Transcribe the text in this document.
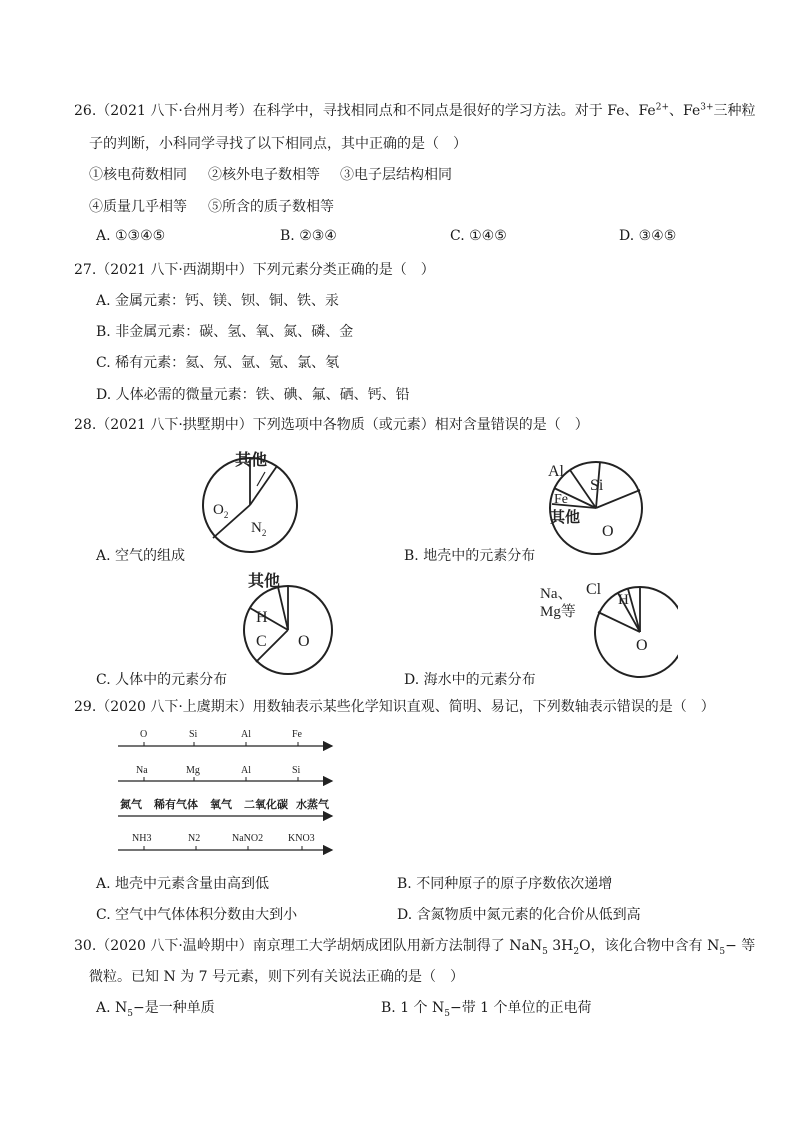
26.（2021 八下·台州月考）在科学中，寻找相同点和不同点是很好的学习方法。对于 Fe、$Fe^{2+}$、$Fe^{3+}$三种粒
子的判断，小科同学寻找了以下相同点，其中正确的是（　）
①核电荷数相同 ②核外电子数相等 ③电子层结构相同
④质量几乎相等 ⑤所含的质子数相等
A. ①③④⑤	B. ②③④	C. ①④⑤	D. ③④⑤
27.（2021 八下·西湖期中）下列元素分类正确的是（　）
A. 金属元素：钙、镁、钡、铜、铁、汞
B. 非金属元素：碳、氢、氧、氮、磷、金
C. 稀有元素：氦、氖、氩、氪、氯、氡
D. 人体必需的微量元素：铁、碘、氟、硒、钙、铅
28.（2021 八下·拱墅期中）下列选项中各物质（或元素）相对含量错误的是（　）
其他
$O_2$
$N_2$
A. 空气的组成
Al
Si
Fe
其他
O
B. 地壳中的元素分布
其他
H
C O
C. 人体中的元素分布
Na、
Mg等
Cl
H
O
D. 海水中的元素分布
29.（2020 八下·上虞期末）用数轴表示某些化学知识直观、简明、易记，下列数轴表示错误的是（　）
O	Si	Al	Fe
Na	Mg	Al	Si
氮气 稀有气体 氧气 二氧化碳 水蒸气
NH3	N2	NaNO2 KNO3
A. 地壳中元素含量由高到低	B. 不同种原子的原子序数依次递增
C. 空气中气体体积分数由大到小	D. 含氮物质中氮元素的化合价从低到高
30.（2020 八下·温岭期中）南京理工大学胡炳成团队用新方法制得了 NaN$_5$ $3H_2O$，该化合物中含有 $N_5-$ 等
微粒。已知 N 为 7 号元素，则下列有关说法正确的是（　）
A. $N_5-$是一种单质	B. 1 个 $N_5-$带 1 个单位的正电荷
